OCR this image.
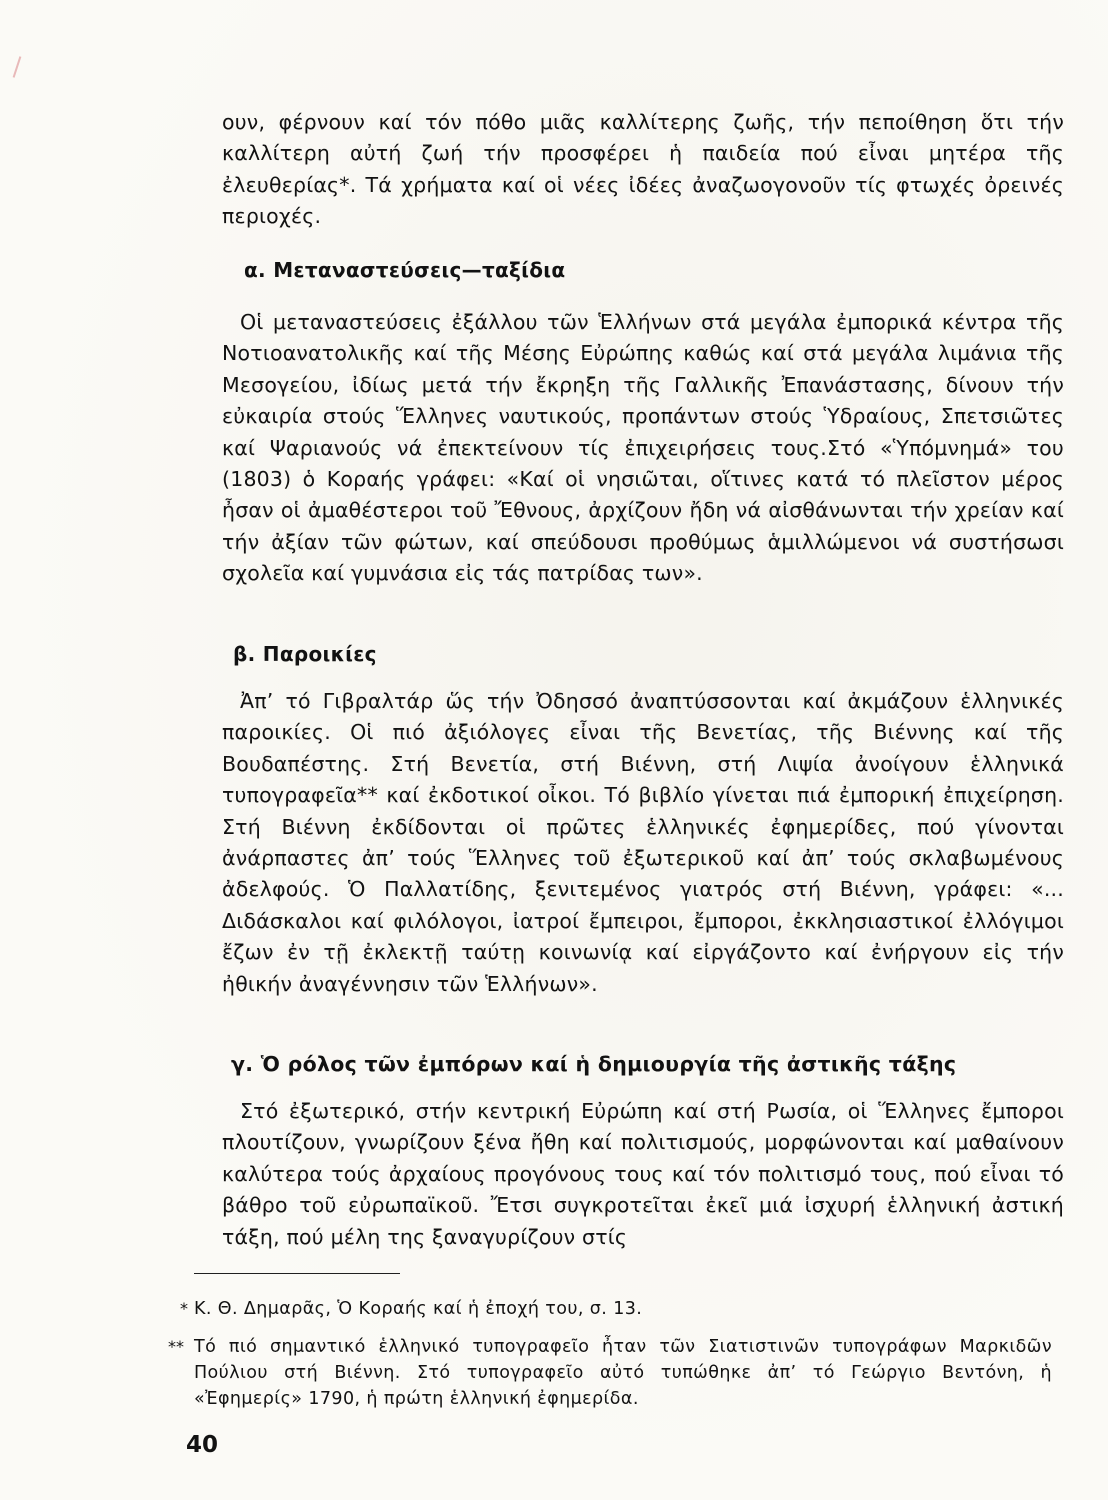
ουν, φέρνουν καί τόν πόθο μιᾶς καλλίτερης ζωῆς, τήν πεποίθηση ὅτι τήν καλλίτερη αὐτή ζωή τήν προσφέρει ἡ παιδεία πού εἶναι μητέρα τῆς ἐλευθερίας*. Τά χρήματα καί οἱ νέες ἰδέες ἀναζωογονοῦν τίς φτωχές ὀρεινές περιοχές.

α. Μεταναστεύσεις—ταξίδια

Οἱ μεταναστεύσεις ἐξάλλου τῶν Ἑλλήνων στά μεγάλα ἐμπορικά κέντρα τῆς Νοτιοανατολικῆς καί τῆς Μέσης Εὐρώπης καθώς καί στά μεγάλα λιμάνια τῆς Μεσογείου, ἰδίως μετά τήν ἔκρηξη τῆς Γαλλικῆς Ἐπανάστασης, δίνουν τήν εὐκαιρία στούς Ἕλληνες ναυτικούς, προπάντων στούς Ὑδραίους, Σπετσιῶτες καί Ψαριανούς νά ἐπεκτείνουν τίς ἐπιχειρήσεις τους.Στό «Ὑπόμνημά» του (1803) ὁ Κοραής γράφει: «Καί οἱ νησιῶται, οἵτινες κατά τό πλεῖστον μέρος ἦσαν οἱ ἀμαθέστεροι τοῦ Ἔθνους, ἀρχίζουν ἤδη νά αἰσθάνωνται τήν χρείαν καί τήν ἀξίαν τῶν φώτων, καί σπεύδουσι προθύμως ἁμιλλώμενοι νά συστήσωσι σχολεῖα καί γυμνάσια εἰς τάς πατρίδας των».

β. Παροικίες

Ἀπ’ τό Γιβραλτάρ ὥς τήν Ὀδησσό ἀναπτύσσονται καί ἀκμάζουν ἑλληνικές παροικίες. Οἱ πιό ἀξιόλογες εἶναι τῆς Βενετίας, τῆς Βιέννης καί τῆς Βουδαπέστης. Στή Βενετία, στή Βιέννη, στή Λιψία ἀνοίγουν ἑλληνικά τυπογραφεῖα** καί ἐκδοτικοί οἶκοι. Τό βιβλίο γίνεται πιά ἐμπορική ἐπιχείρηση. Στή Βιέννη ἐκδίδονται οἱ πρῶτες ἑλληνικές ἐφημερίδες, πού γίνονται ἀνάρπαστες ἀπ’ τούς Ἕλληνες τοῦ ἐξωτερικοῦ καί ἀπ’ τούς σκλαβωμένους ἀδελφούς. Ὁ Παλλατίδης, ξενιτεμένος γιατρός στή Βιέννη, γράφει: «... Διδάσκαλοι καί φιλόλογοι, ἰατροί ἔμπειροι, ἔμποροι, ἐκκλησιαστικοί ἐλλόγιμοι ἔζων ἐν τῇ ἐκλεκτῇ ταύτῃ κοινωνίᾳ καί εἰργάζοντο καί ἐνήργουν εἰς τήν ἠθικήν ἀναγέννησιν τῶν Ἑλλήνων».

γ. Ὁ ρόλος τῶν ἐμπόρων καί ἡ δημιουργία τῆς ἀστικῆς τάξης

Στό ἐξωτερικό, στήν κεντρική Εὐρώπη καί στή Ρωσία, οἱ Ἕλληνες ἔμποροι πλουτίζουν, γνωρίζουν ξένα ἤθη καί πολιτισμούς, μορφώνονται καί μαθαίνουν καλύτερα τούς ἀρχαίους προγόνους τους καί τόν πολιτισμό τους, πού εἶναι τό βάθρο τοῦ εὐρωπαϊκοῦ. Ἔτσι συγκροτεῖται ἐκεῖ μιά ἰσχυρή ἑλληνική ἀστική τάξη, πού μέλη της ξαναγυρίζουν στίς

* Κ. Θ. Δημαρᾶς, Ὁ Κοραής καί ἡ ἐποχή του, σ. 13.
** Τό πιό σημαντικό ἑλληνικό τυπογραφεῖο ἦταν τῶν Σιατιστινῶν τυπογράφων Μαρκιδῶν Πούλιου στή Βιέννη. Στό τυπογραφεῖο αὐτό τυπώθηκε ἀπ’ τό Γεώργιο Βεντόνη, ἡ «Ἐφημερίς» 1790, ἡ πρώτη ἑλληνική ἐφημερίδα.
40
